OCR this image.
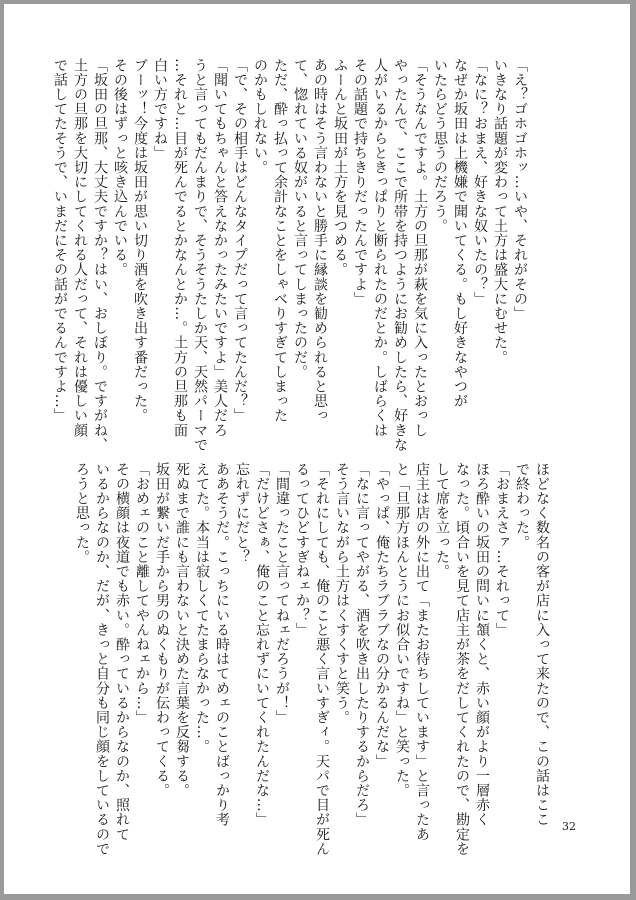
「え？ゴホゴホッ…いや、それがその」
いきなり話題が変わって土方は盛大にむせた。
「なに？おまえ、好きな奴いたの？」
なぜか坂田は上機嫌で聞いてくる。もし好きなやつが
いたらどう思うのだろう。
「そうなんですよ。土方の旦那が萩を気に入ったとおっし
やったんで、ここで所帯を持つようにお勧めしたら、好きな
人がいるからときっぱりと断られたのだとか。しばらくは
その話題で持ちきりだったんですよ」
ふーんと坂田が土方を見つめる。
あの時はそう言わないと勝手に縁談を勧められると思っ
て、惚れている奴がいると言ってしまったのだ。
ただ、酔っ払って余計なことをしゃべりすぎてしまった
のかもしれない。
「で、その相手はどんなタイプだって言ってたんだ？」
「聞いてもちゃんと答えなかったみたいですよ」美人だろ
うと言ってもだんまりで、そうそうたしか天、天然パーマで
…それと…目が死んでるとかなんとか…。土方の旦那も面
白い方ですね」
ブーッ！今度は坂田が思い切り酒を吹き出す番だった。
その後はずっと咳き込んでいる。
「坂田の旦那、大丈夫ですか？はい、おしぼり。ですがね、
土方の旦那を大切にしてくれる人だって、それは優しい顔
で話してたそうで、いまだにその話がでるんですよ…」
ほどなく数名の客が店に入って来たので、この話はここ
で終わった。
「おまえさァ…それって」
ほろ酔いの坂田の問いに頷くと、赤い顔がより一層赤く
なった。頃合いを見て店主が茶をだしてくれたので、勘定を
して席を立った。
店主は店の外に出て「またお待ちしています」と言ったあ
と「旦那方ほんとうにお似合いですね」と笑った。
「やっぱ、俺たちラブラブなの分かるんだな」
「なに言ってやがる、酒を吹き出したりするからだろ」
そう言いながら土方はくすくすと笑う。
「それにしても、俺のこと悪く言いすぎィ。天パで目が死ん
るってひどすぎねェか？」
「間違ったこと言ってねェだろうが！」
「だけどさぁ、俺のこと忘れずにいてくれたんだな…」
忘れずにだと？
ああそうだ。こっちにいる時はてめェのことばっかり考
えてた。本当は寂しくてたまらなかった…。
死ぬまで誰にも言わないと決めた言葉を反芻する。
坂田が繋いだ手から男のぬくもりが伝わってくる。
「おめェのこと離してやんねェから…」
その横顔は夜道でも赤い。酔っているからなのか、照れて
いるからなのか、だが、きっと自分も同じ顔をしているので
ろうと思った。
32
